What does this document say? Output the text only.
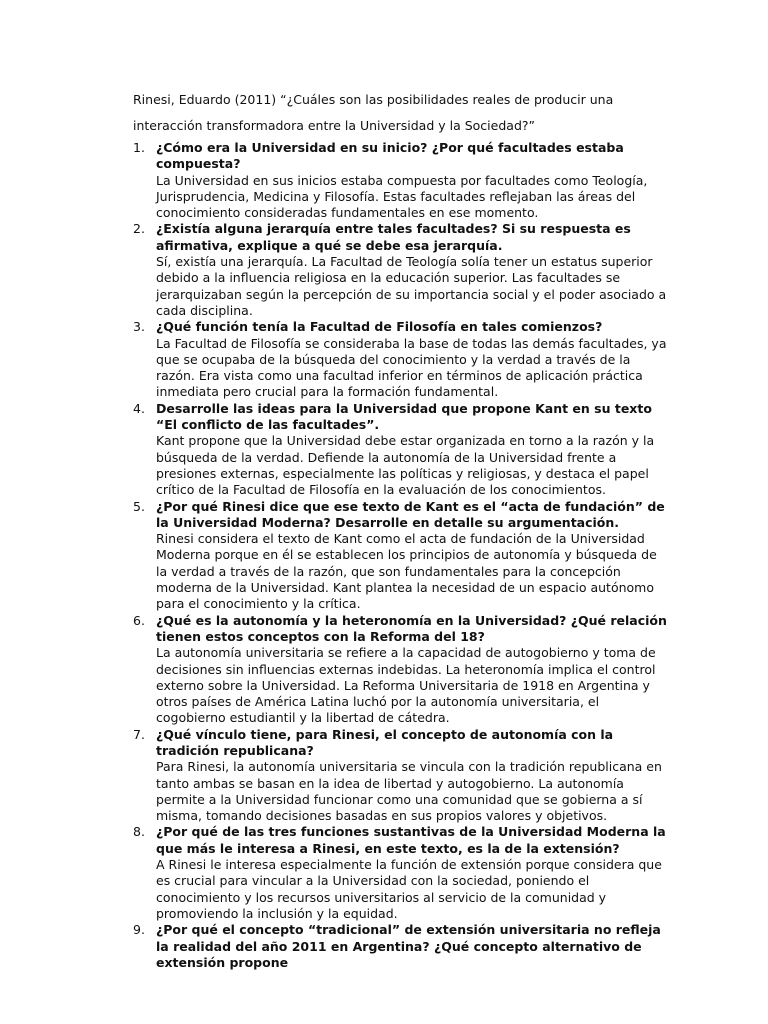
Rinesi, Eduardo (2011) “¿Cuáles son las posibilidades reales de producir una
interacción transformadora entre la Universidad y la Sociedad?”
1. ¿Cómo era la Universidad en su inicio? ¿Por qué facultades estaba compuesta?
La Universidad en sus inicios estaba compuesta por facultades como Teología, Jurisprudencia, Medicina y Filosofía. Estas facultades reflejaban las áreas del conocimiento consideradas fundamentales en ese momento.
2. ¿Existía alguna jerarquía entre tales facultades? Si su respuesta es afirmativa, explique a qué se debe esa jerarquía.
Sí, existía una jerarquía. La Facultad de Teología solía tener un estatus superior debido a la influencia religiosa en la educación superior. Las facultades se jerarquizaban según la percepción de su importancia social y el poder asociado a cada disciplina.
3. ¿Qué función tenía la Facultad de Filosofía en tales comienzos?
La Facultad de Filosofía se consideraba la base de todas las demás facultades, ya que se ocupaba de la búsqueda del conocimiento y la verdad a través de la razón. Era vista como una facultad inferior en términos de aplicación práctica inmediata pero crucial para la formación fundamental.
4. Desarrolle las ideas para la Universidad que propone Kant en su texto “El conflicto de las facultades”.
Kant propone que la Universidad debe estar organizada en torno a la razón y la búsqueda de la verdad. Defiende la autonomía de la Universidad frente a presiones externas, especialmente las políticas y religiosas, y destaca el papel crítico de la Facultad de Filosofía en la evaluación de los conocimientos.
5. ¿Por qué Rinesi dice que ese texto de Kant es el “acta de fundación” de la Universidad Moderna? Desarrolle en detalle su argumentación.
Rinesi considera el texto de Kant como el acta de fundación de la Universidad Moderna porque en él se establecen los principios de autonomía y búsqueda de la verdad a través de la razón, que son fundamentales para la concepción moderna de la Universidad. Kant plantea la necesidad de un espacio autónomo para el conocimiento y la crítica.
6. ¿Qué es la autonomía y la heteronomía en la Universidad? ¿Qué relación tienen estos conceptos con la Reforma del 18?
La autonomía universitaria se refiere a la capacidad de autogobierno y toma de decisiones sin influencias externas indebidas. La heteronomía implica el control externo sobre la Universidad. La Reforma Universitaria de 1918 en Argentina y otros países de América Latina luchó por la autonomía universitaria, el cogobierno estudiantil y la libertad de cátedra.
7. ¿Qué vínculo tiene, para Rinesi, el concepto de autonomía con la tradición republicana?
Para Rinesi, la autonomía universitaria se vincula con la tradición republicana en tanto ambas se basan en la idea de libertad y autogobierno. La autonomía permite a la Universidad funcionar como una comunidad que se gobierna a sí misma, tomando decisiones basadas en sus propios valores y objetivos.
8. ¿Por qué de las tres funciones sustantivas de la Universidad Moderna la que más le interesa a Rinesi, en este texto, es la de la extensión?
A Rinesi le interesa especialmente la función de extensión porque considera que es crucial para vincular a la Universidad con la sociedad, poniendo el conocimiento y los recursos universitarios al servicio de la comunidad y promoviendo la inclusión y la equidad.
9. ¿Por qué el concepto “tradicional” de extensión universitaria no refleja la realidad del año 2011 en Argentina? ¿Qué concepto alternativo de extensión propone
